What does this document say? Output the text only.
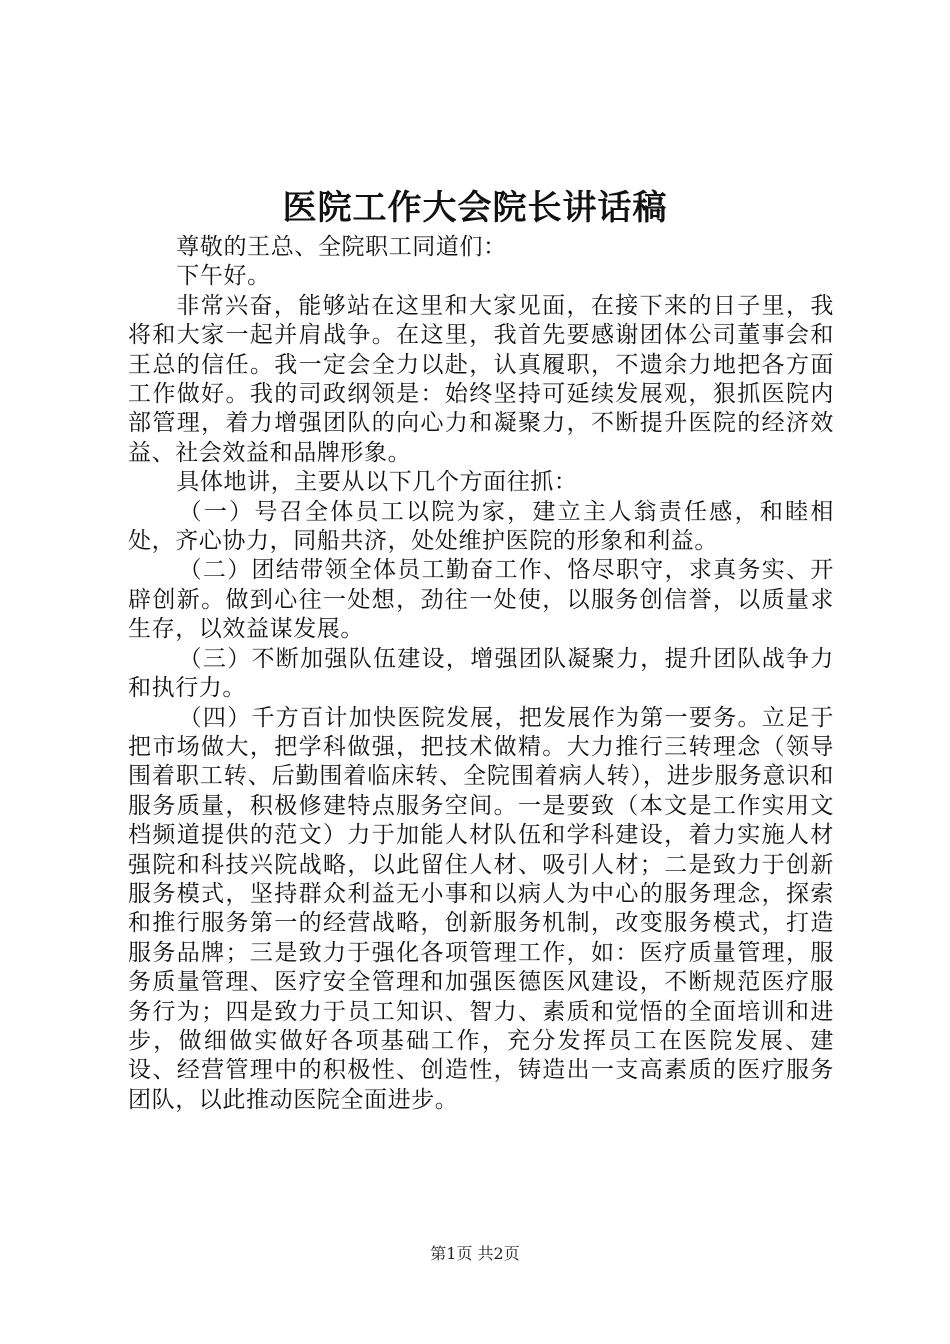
医院工作大会院长讲话稿

尊敬的王总、全院职工同道们：

下午好。

非常兴奋，能够站在这里和大家见面，在接下来的日子里，我将和大家一起并肩战争。在这里，我首先要感谢团体公司董事会和王总的信任。我一定会全力以赴，认真履职，不遗余力地把各方面工作做好。我的司政纲领是：始终坚持可延续发展观，狠抓医院内部管理，着力增强团队的向心力和凝聚力，不断提升医院的经济效益、社会效益和品牌形象。

具体地讲，主要从以下几个方面往抓：

（一）号召全体员工以院为家，建立主人翁责任感，和睦相处，齐心协力，同船共济，处处维护医院的形象和利益。

（二）团结带领全体员工勤奋工作、恪尽职守，求真务实、开辟创新。做到心往一处想，劲往一处使，以服务创信誉，以质量求生存，以效益谋发展。

（三）不断加强队伍建设，增强团队凝聚力，提升团队战争力和执行力。

（四）千方百计加快医院发展，把发展作为第一要务。立足于把市场做大，把学科做强，把技术做精。大力推行三转理念（领导围着职工转、后勤围着临床转、全院围着病人转），进步服务意识和服务质量，积极修建特点服务空间。一是要致（本文是工作实用文档频道提供的范文）力于加能人材队伍和学科建设，着力实施人材强院和科技兴院战略，以此留住人材、吸引人材；二是致力于创新服务模式，坚持群众利益无小事和以病人为中心的服务理念，探索和推行服务第一的经营战略，创新服务机制，改变服务模式，打造服务品牌；三是致力于强化各项管理工作，如：医疗质量管理，服务质量管理、医疗安全管理和加强医德医风建设，不断规范医疗服务行为；四是致力于员工知识、智力、素质和觉悟的全面培训和进步，做细做实做好各项基础工作，充分发挥员工在医院发展、建设、经营管理中的积极性、创造性，铸造出一支高素质的医疗服务团队，以此推动医院全面进步。

第1页 共2页
